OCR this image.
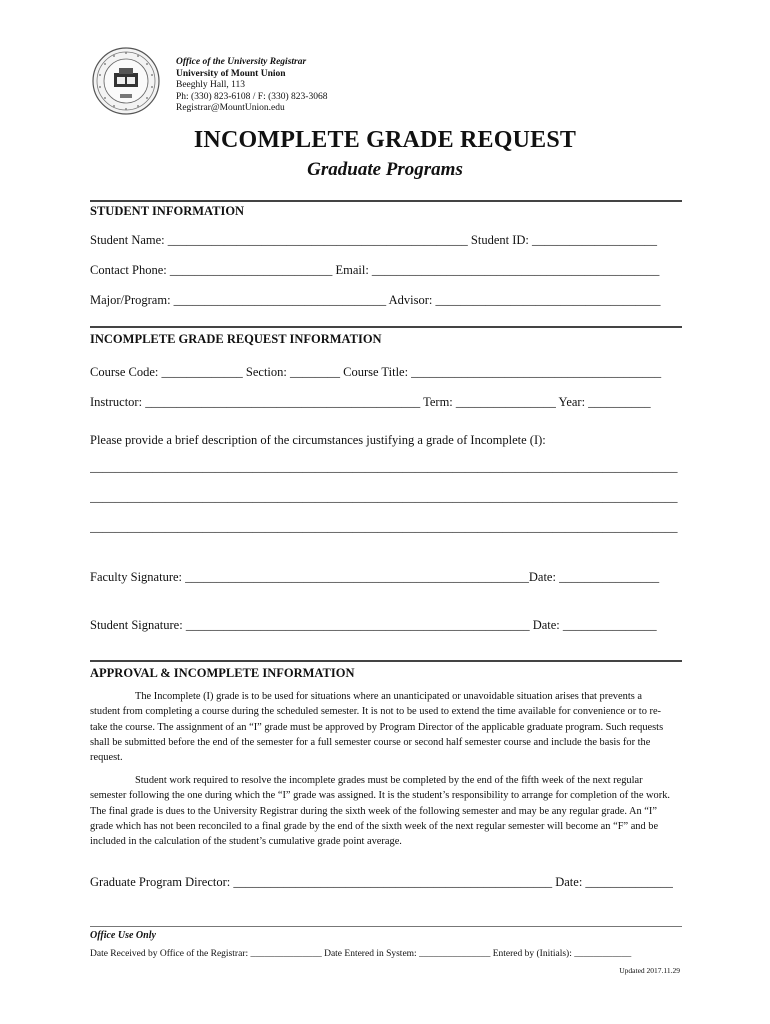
Office of the University Registrar
University of Mount Union
Beeghly Hall, 113
Ph: (330) 823-6108 / F: (330) 823-3068
Registrar@MountUnion.edu
INCOMPLETE GRADE REQUEST
Graduate Programs
STUDENT INFORMATION
Student Name: ________________________________________________ Student ID: ____________________
Contact Phone: __________________________ Email: ______________________________________________
Major/Program: __________________________________ Advisor: ____________________________________
INCOMPLETE GRADE REQUEST INFORMATION
Course Code: _____________ Section: ________ Course Title: ________________________________________
Instructor: ____________________________________________ Term: ________________ Year: __________
Please provide a brief description of the circumstances justifying a grade of Incomplete (I):
______________________________________________________________________________________________
______________________________________________________________________________________________
______________________________________________________________________________________________
Faculty Signature: _______________________________________________________Date: ________________
Student Signature: _______________________________________________________ Date: _______________
APPROVAL & INCOMPLETE INFORMATION
The Incomplete (I) grade is to be used for situations where an unanticipated or unavoidable situation arises that prevents a student from completing a course during the scheduled semester. It is not to be used to extend the time available for convenience or to re-take the course. The assignment of an “I” grade must be approved by Program Director of the applicable graduate program. Such requests shall be submitted before the end of the semester for a full semester course or second half semester course and include the basis for the request.
Student work required to resolve the incomplete grades must be completed by the end of the fifth week of the next regular semester following the one during which the “I” grade was assigned. It is the student’s responsibility to arrange for completion of the work. The final grade is dues to the University Registrar during the sixth week of the following semester and may be any regular grade. An “I” grade which has not been reconciled to a final grade by the end of the sixth week of the next regular semester will become an “F” and be included in the calculation of the student’s cumulative grade point average.
Graduate Program Director: ___________________________________________________ Date: ______________
Office Use Only
Date Received by Office of the Registrar: _______________ Date Entered in System: _______________ Entered by (Initials): ____________
Updated 2017.11.29
